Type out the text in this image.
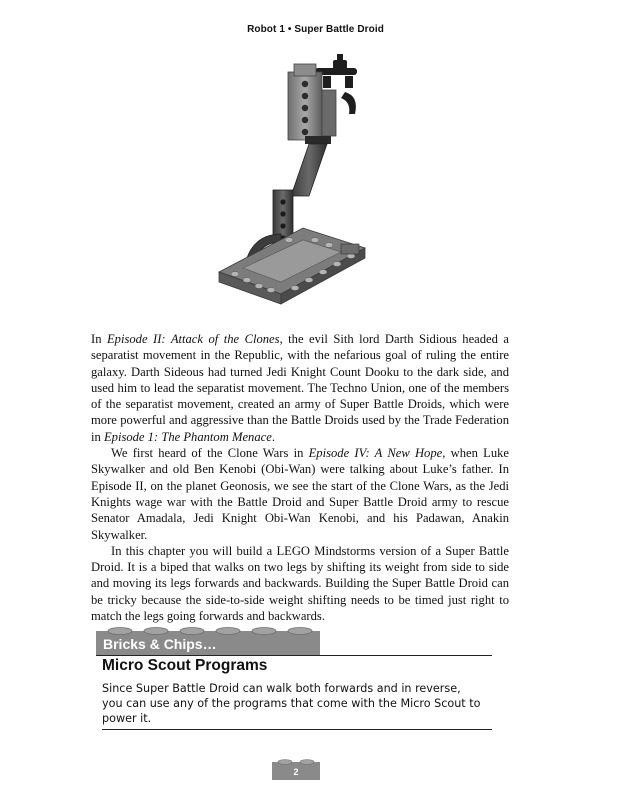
Robot 1 • Super Battle Droid

In Episode II: Attack of the Clones, the evil Sith lord Darth Sidious headed a separatist movement in the Republic, with the nefarious goal of ruling the entire galaxy. Darth Sideous had turned Jedi Knight Count Dooku to the dark side, and used him to lead the separatist movement. The Techno Union, one of the members of the separatist movement, created an army of Super Battle Droids, which were more powerful and aggressive than the Battle Droids used by the Trade Federation in Episode 1: The Phantom Menace.

We first heard of the Clone Wars in Episode IV: A New Hope, when Luke Skywalker and old Ben Kenobi (Obi-Wan) were talking about Luke’s father. In Episode II, on the planet Geonosis, we see the start of the Clone Wars, as the Jedi Knights wage war with the Battle Droid and Super Battle Droid army to rescue Senator Amadala, Jedi Knight Obi-Wan Kenobi, and his Padawan, Anakin Skywalker.

In this chapter you will build a LEGO Mindstorms version of a Super Battle Droid. It is a biped that walks on two legs by shifting its weight from side to side and moving its legs forwards and backwards. Building the Super Battle Droid can be tricky because the side-to-side weight shifting needs to be timed just right to match the legs going forwards and backwards.

Bricks & Chips…
Micro Scout Programs
Since Super Battle Droid can walk both forwards and in reverse, you can use any of the programs that come with the Micro Scout to power it.
2
